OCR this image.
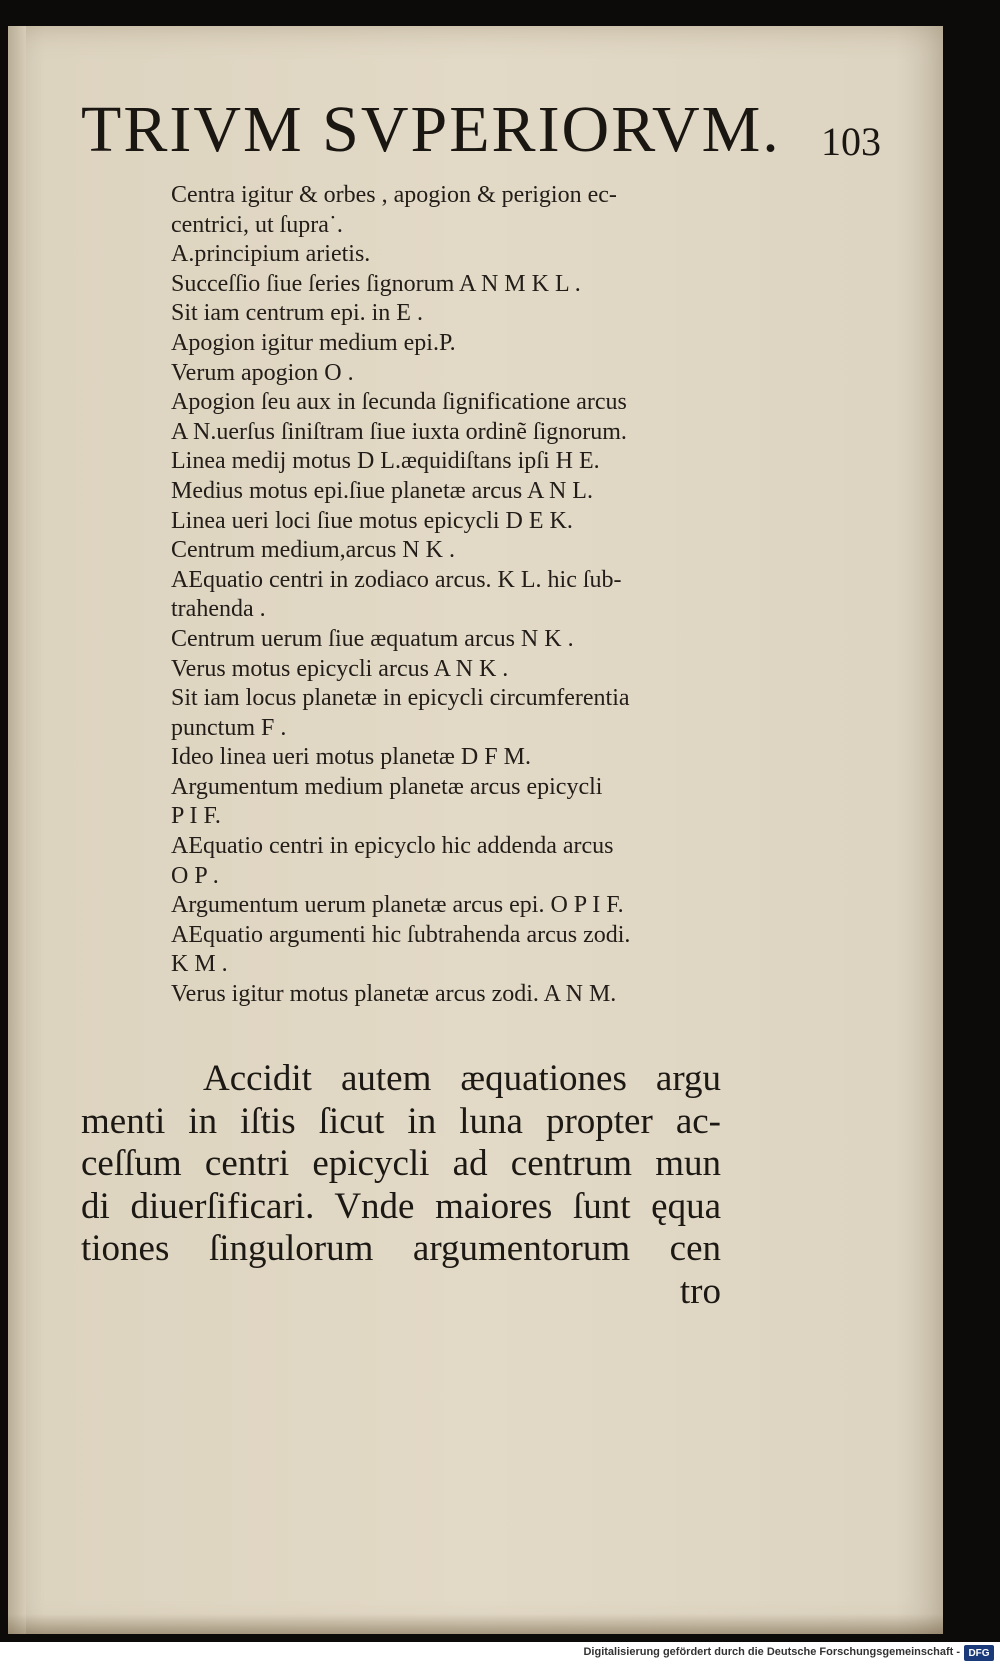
TRIVM SVPERIORVM. 103
Centra igitur & orbes , apogion & perigion ec-
centrici, ut ſupra˙.
A.principium arietis.
Succeſſio ſiue ſeries ſignorum A N M K L .
Sit iam centrum epi. in E .
Apogion igitur medium epi.P.
Verum apogion O .
Apogion ſeu aux in ſecunda ſignificatione arcus
A N.uerſus ſiniſtram ſiue iuxta ordinẽ ſignorum.
Linea medij motus D L.æquidiſtans ipſi H E.
Medius motus epi.ſiue planetæ arcus A N L.
Linea ueri loci ſiue motus epicycli D E K.
Centrum medium,arcus N K .
AEquatio centri in zodiaco arcus. K L. hic ſub-
trahenda .
Centrum uerum ſiue æquatum arcus N K .
Verus motus epicycli arcus A N K .
Sit iam locus planetæ in epicycli circumferentia
punctum F .
Ideo linea ueri motus planetæ D F M.
Argumentum medium planetæ arcus epicycli
P I F.
AEquatio centri in epicyclo hic addenda arcus
O P .
Argumentum uerum planetæ arcus epi. O P I F.
AEquatio argumenti hic ſubtrahenda arcus zodi.
K M .
Verus igitur motus planetæ arcus zodi. A N M.
Accidit autem æquationes argu
menti in iſtis ſicut in luna propter ac-
ceſſum centri epicycli ad centrum mun
di diuerſificari. Vnde maiores ſunt ęqua
tiones ſingulorum argumentorum cen
tro
Digitalisierung gefördert durch die Deutsche Forschungsgemeinschaft - DFG
